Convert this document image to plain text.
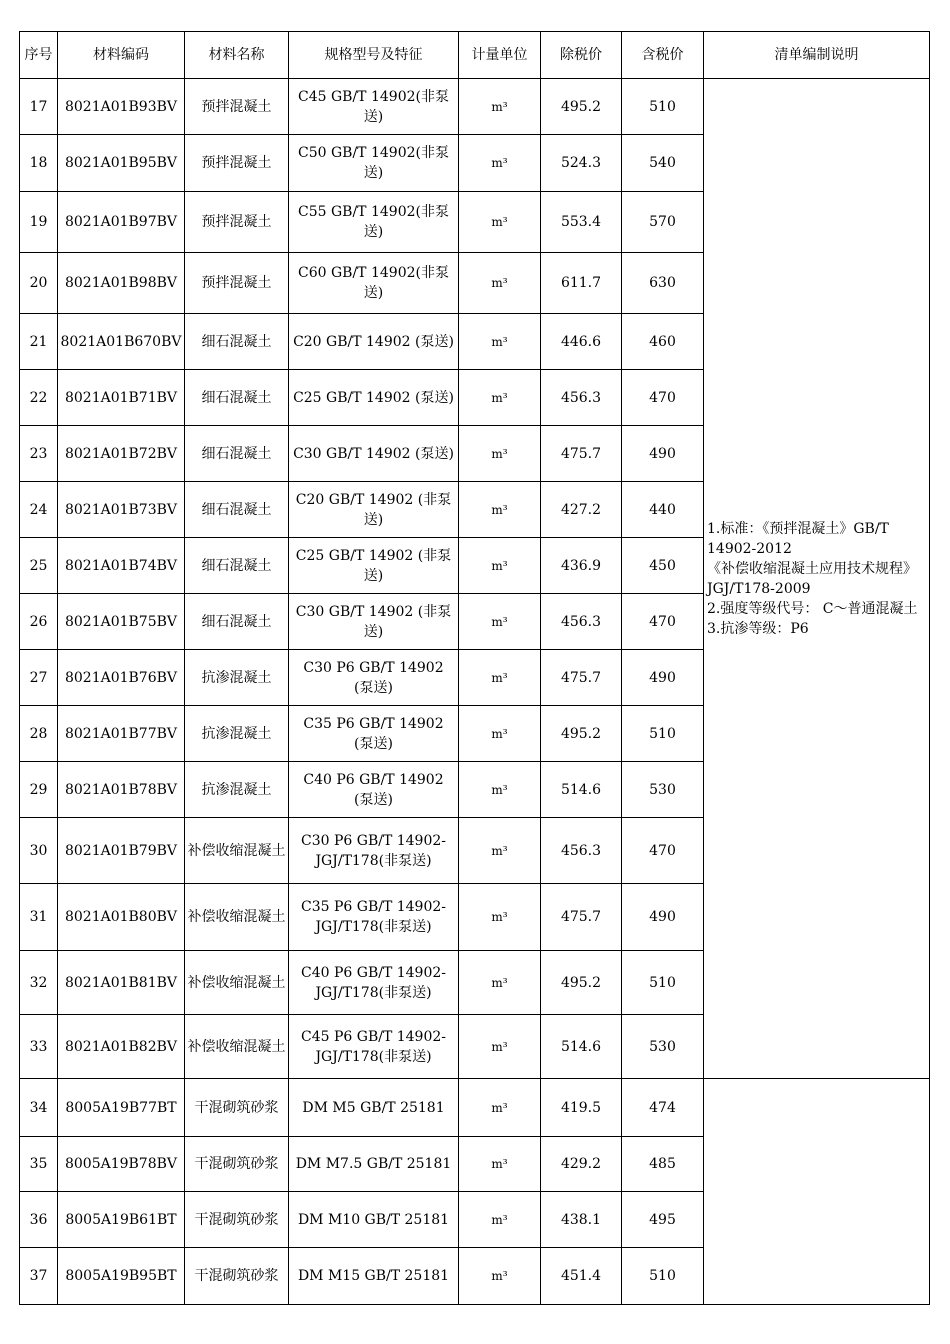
序号	材料编码	材料名称	规格型号及特征	计量单位	除税价	含税价	清单编制说明
17	8021A01B93BV	预拌混凝土	C45 GB/T 14902(非泵送)	m³	495.2	510	1.标准：《预拌混凝土》GB/T 14902-2012
《补偿收缩混凝土应用技术规程》JGJ/T178-2009
2.强度等级代号： C～普通混凝土
3.抗渗等级：P6

18	8021A01B95BV	预拌混凝土	C50 GB/T 14902(非泵送)	m³	524.3	540	
19	8021A01B97BV	预拌混凝土	C55 GB/T 14902(非泵送)	m³	553.4	570	
20	8021A01B98BV	预拌混凝土	C60 GB/T 14902(非泵送)	m³	611.7	630	
21	8021A01B670BV	细石混凝土	C20 GB/T 14902 (泵送)	m³	446.6	460	
22	8021A01B71BV	细石混凝土	C25 GB/T 14902 (泵送)	m³	456.3	470	
23	8021A01B72BV	细石混凝土	C30 GB/T 14902 (泵送)	m³	475.7	490	
24	8021A01B73BV	细石混凝土	C20 GB/T 14902 (非泵送)	m³	427.2	440	
25	8021A01B74BV	细石混凝土	C25 GB/T 14902 (非泵送)	m³	436.9	450	
26	8021A01B75BV	细石混凝土	C30 GB/T 14902 (非泵送)	m³	456.3	470	
27	8021A01B76BV	抗渗混凝土	C30 P6 GB/T 14902 (泵送)	m³	475.7	490	
28	8021A01B77BV	抗渗混凝土	C35 P6 GB/T 14902 (泵送)	m³	495.2	510	
29	8021A01B78BV	抗渗混凝土	C40 P6 GB/T 14902 (泵送)	m³	514.6	530	
30	8021A01B79BV	补偿收缩混凝土	C30 P6 GB/T 14902-JGJ/T178(非泵送)	m³	456.3	470	
31	8021A01B80BV	补偿收缩混凝土	C35 P6 GB/T 14902-JGJ/T178(非泵送)	m³	475.7	490	
32	8021A01B81BV	补偿收缩混凝土	C40 P6 GB/T 14902-JGJ/T178(非泵送)	m³	495.2	510	
33	8021A01B82BV	补偿收缩混凝土	C45 P6 GB/T 14902-JGJ/T178(非泵送)	m³	514.6	530	
34	8005A19B77BT	干混砌筑砂浆	DM M5 GB/T 25181	m³	419.5	474	
35	8005A19B78BV	干混砌筑砂浆	DM M7.5 GB/T 25181	m³	429.2	485	
36	8005A19B61BT	干混砌筑砂浆	DM M10 GB/T 25181	m³	438.1	495	
37	8005A19B95BT	干混砌筑砂浆	DM M15 GB/T 25181	m³	451.4	510	
